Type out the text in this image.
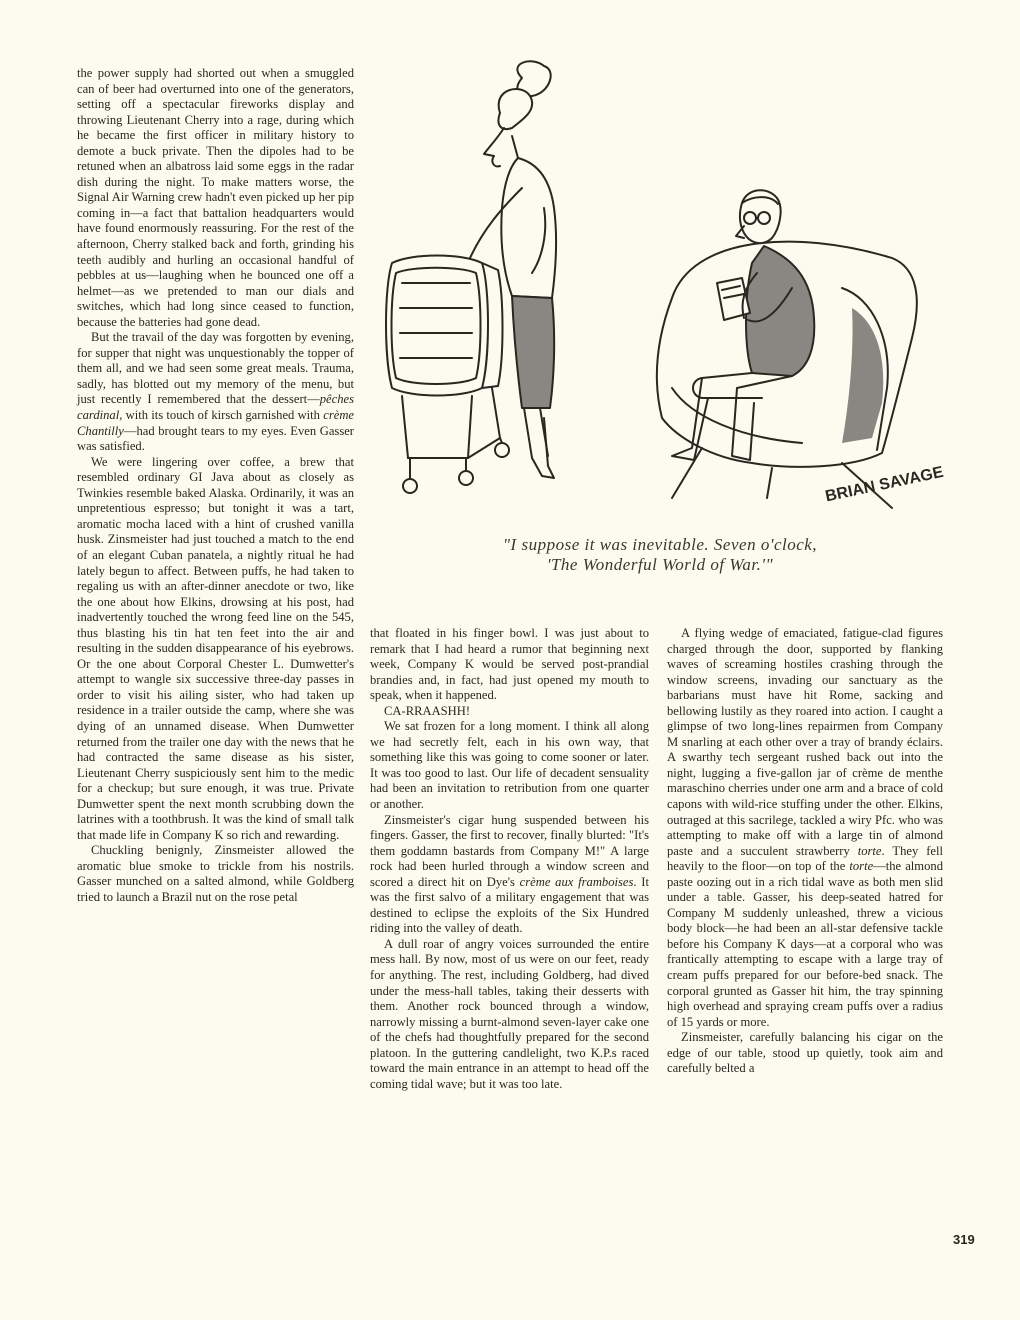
the power supply had shorted out when a smuggled can of beer had overturned into one of the generators, setting off a spectacular fireworks display and throwing Lieutenant Cherry into a rage, during which he became the first officer in military history to demote a buck private. Then the dipoles had to be retuned when an albatross laid some eggs in the radar dish during the night. To make matters worse, the Signal Air Warning crew hadn't even picked up her pip coming in—a fact that battalion headquarters would have found enormously reassuring. For the rest of the afternoon, Cherry stalked back and forth, grinding his teeth audibly and hurling an occasional handful of pebbles at us—laughing when he bounced one off a helmet—as we pretended to man our dials and switches, which had long since ceased to function, because the batteries had gone dead.

But the travail of the day was forgotten by evening, for supper that night was unquestionably the topper of them all, and we had seen some great meals. Trauma, sadly, has blotted out my memory of the menu, but just recently I remembered that the dessert—pêches cardinal, with its touch of kirsch garnished with crème Chantilly—had brought tears to my eyes. Even Gasser was satisfied.

We were lingering over coffee, a brew that resembled ordinary GI Java about as closely as Twinkies resemble baked Alaska. Ordinarily, it was an unpretentious espresso; but tonight it was a tart, aromatic mocha laced with a hint of crushed vanilla husk. Zinsmeister had just touched a match to the end of an elegant Cuban panatela, a nightly ritual he had lately begun to affect. Between puffs, he had taken to regaling us with an after-dinner anecdote or two, like the one about how Elkins, drowsing at his post, had inadvertently touched the wrong feed line on the 545, thus blasting his tin hat ten feet into the air and resulting in the sudden disappearance of his eyebrows. Or the one about Corporal Chester L. Dumwetter's attempt to wangle six successive three-day passes in order to visit his ailing sister, who had taken up residence in a trailer outside the camp, where she was dying of an unnamed disease. When Dumwetter returned from the trailer one day with the news that he had contracted the same disease as his sister, Lieutenant Cherry suspiciously sent him to the medic for a checkup; but sure enough, it was true. Private Dumwetter spent the next month scrubbing down the latrines with a toothbrush. It was the kind of small talk that made life in Company K so rich and rewarding.

Chuckling benignly, Zinsmeister allowed the aromatic blue smoke to trickle from his nostrils. Gasser munched on a salted almond, while Goldberg tried to launch a Brazil nut on the rose petal

BRIAN SAVAGE
"I suppose it was inevitable. Seven o'clock,
'The Wonderful World of War.'"

that floated in his finger bowl. I was just about to remark that I had heard a rumor that beginning next week, Company K would be served post-prandial brandies and, in fact, had just opened my mouth to speak, when it happened.

CA-RRAASHH!

We sat frozen for a long moment. I think all along we had secretly felt, each in his own way, that something like this was going to come sooner or later. It was too good to last. Our life of decadent sensuality had been an invitation to retribution from one quarter or another.

Zinsmeister's cigar hung suspended between his fingers. Gasser, the first to recover, finally blurted: "It's them goddamn bastards from Company M!" A large rock had been hurled through a window screen and scored a direct hit on Dye's crème aux framboises. It was the first salvo of a military engagement that was destined to eclipse the exploits of the Six Hundred riding into the valley of death.

A dull roar of angry voices surrounded the entire mess hall. By now, most of us were on our feet, ready for anything. The rest, including Goldberg, had dived under the mess-hall tables, taking their desserts with them. Another rock bounced through a window, narrowly missing a burnt-almond seven-layer cake one of the chefs had thoughtfully prepared for the second platoon. In the guttering candlelight, two K.P.s raced toward the main entrance in an attempt to head off the coming tidal wave; but it was too late.

A flying wedge of emaciated, fatigue-clad figures charged through the door, supported by flanking waves of screaming hostiles crashing through the window screens, invading our sanctuary as the barbarians must have hit Rome, sacking and bellowing lustily as they roared into action. I caught a glimpse of two long-lines repairmen from Company M snarling at each other over a tray of brandy éclairs. A swarthy tech sergeant rushed back out into the night, lugging a five-gallon jar of crème de menthe maraschino cherries under one arm and a brace of cold capons with wild-rice stuffing under the other. Elkins, outraged at this sacrilege, tackled a wiry Pfc. who was attempting to make off with a large tin of almond paste and a succulent strawberry torte. They fell heavily to the floor—on top of the torte—the almond paste oozing out in a rich tidal wave as both men slid under a table. Gasser, his deep-seated hatred for Company M suddenly unleashed, threw a vicious body block—he had been an all-star defensive tackle before his Company K days—at a corporal who was frantically attempting to escape with a large tray of cream puffs prepared for our before-bed snack. The corporal grunted as Gasser hit him, the tray spinning high overhead and spraying cream puffs over a radius of 15 yards or more.

Zinsmeister, carefully balancing his cigar on the edge of our table, stood up quietly, took aim and carefully belted a

319
